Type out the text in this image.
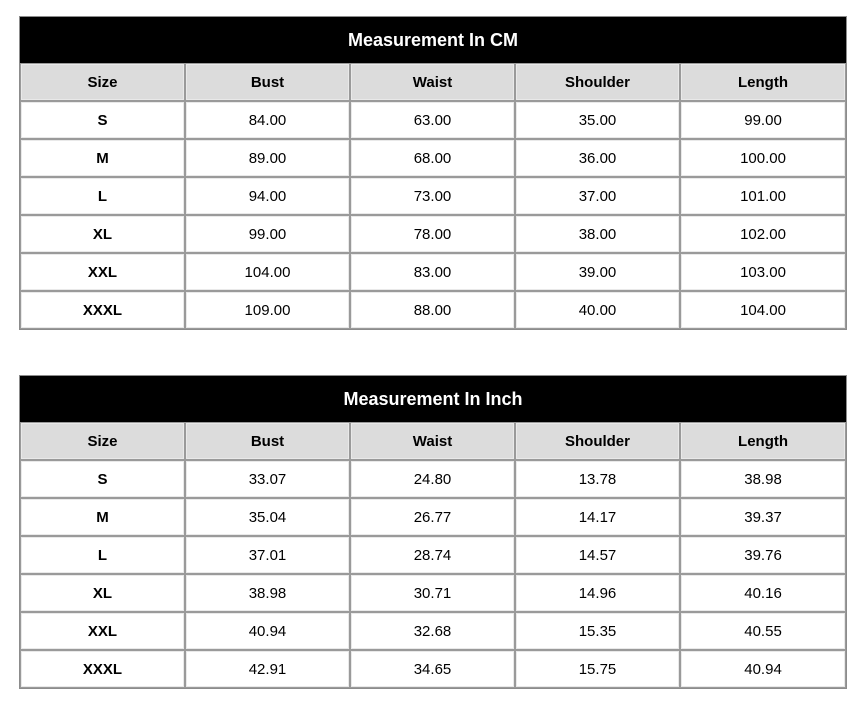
Measurement In CM				
Size	Bust	Waist	Shoulder	Length
S	84.00	63.00	35.00	99.00
M	89.00	68.00	36.00	100.00
L	94.00	73.00	37.00	101.00
XL	99.00	78.00	38.00	102.00
XXL	104.00	83.00	39.00	103.00
XXXL	109.00	88.00	40.00	104.00
Measurement In Inch				
Size	Bust	Waist	Shoulder	Length
S	33.07	24.80	13.78	38.98
M	35.04	26.77	14.17	39.37
L	37.01	28.74	14.57	39.76
XL	38.98	30.71	14.96	40.16
XXL	40.94	32.68	15.35	40.55
XXXL	42.91	34.65	15.75	40.94
